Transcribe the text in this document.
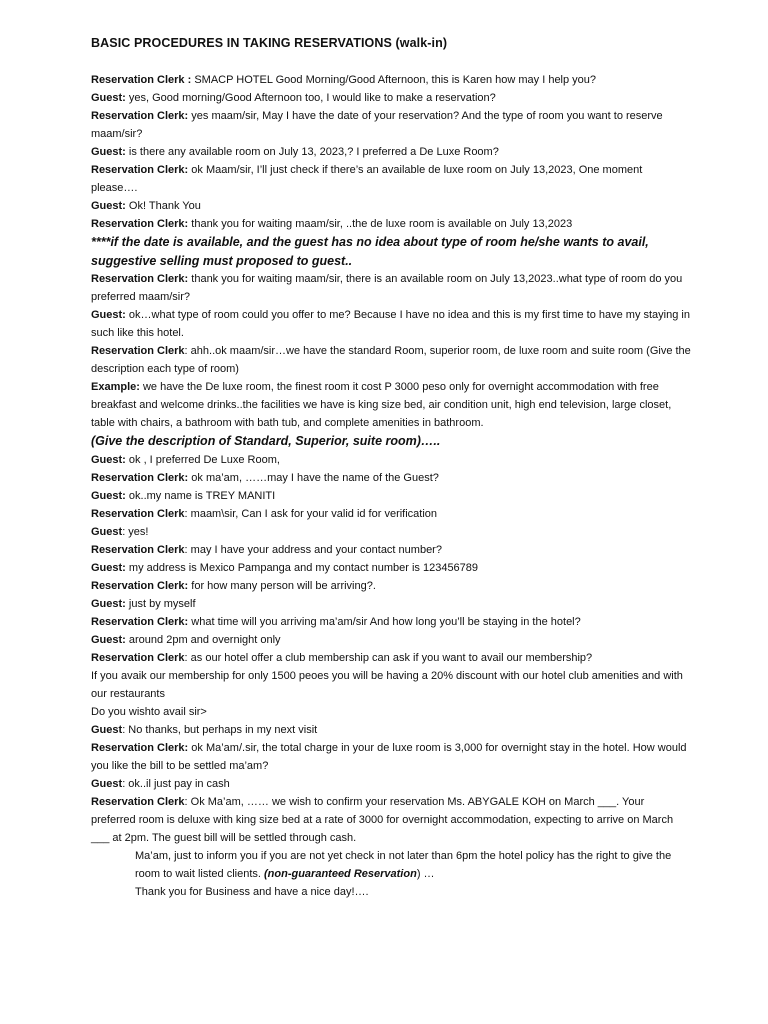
BASIC PROCEDURES IN TAKING RESERVATIONS (walk-in)

Reservation Clerk : SMACP HOTEL Good Morning/Good Afternoon, this is Karen how may I help you?

Guest: yes, Good morning/Good Afternoon too, I would like to make a reservation?

Reservation Clerk: yes maam/sir, May I have the date of your reservation? And the type of room you want to reserve maam/sir?

Guest: is there any available room on July 13, 2023,? I preferred a De Luxe Room?

Reservation Clerk: ok Maam/sir, I’ll just check if there’s an available de luxe room on July 13,2023, One moment please….

Guest: Ok! Thank You

Reservation Clerk: thank you for waiting maam/sir, ..the de luxe room is available on July 13,2023

****if the date is available, and the guest has no idea about type of room he/she wants to avail, suggestive selling must proposed to guest..

Reservation Clerk: thank you for waiting maam/sir, there is an available room on July 13,2023..what type of room do you preferred maam/sir?

Guest: ok…what type of room could you offer to me? Because I have no idea and this is my first time to have my staying in such like this hotel.

Reservation Clerk: ahh..ok maam/sir…we have the standard Room, superior room, de luxe room and suite room (Give the description each type of room)

Example: we have the De luxe room, the finest room it cost P 3000 peso only for overnight accommodation with free breakfast and welcome drinks..the facilities we have is king size bed, air condition unit, high end television, large closet, table with chairs, a bathroom with bath tub, and complete amenities in bathroom.

(Give the description of Standard, Superior, suite room)…..

Guest: ok , I preferred De Luxe Room,

Reservation Clerk: ok ma’am, ……may I have the name of the Guest?

Guest: ok..my name is TREY MANITI

Reservation Clerk: maam\sir, Can I ask for your valid id for verification

Guest: yes!

Reservation Clerk: may I have your address and your contact number?

Guest: my address is Mexico Pampanga and my contact number is 123456789

Reservation Clerk: for how many person will be arriving?.

Guest: just by myself

Reservation Clerk: what time will you arriving ma’am/sir And how long you’ll be staying in the hotel?

Guest: around 2pm and overnight only

Reservation Clerk: as our hotel offer a club membership can ask if you want to avail our membership?

If you avaik our membership for only 1500 peoes you will be having a 20% discount with our hotel club amenities and with our restaurants

Do you wishto avail sir>

Guest: No thanks, but perhaps in my next visit

Reservation Clerk: ok Ma’am/.sir, the total charge in your de luxe room is 3,000 for overnight stay in the hotel. How would you like the bill to be settled ma’am?

Guest: ok..il just pay in cash

Reservation Clerk: Ok Ma’am, …… we wish to confirm your reservation Ms. ABYGALE KOH on March ___. Your preferred room is deluxe with king size bed at a rate of 3000 for overnight accommodation, expecting to arrive on March ___ at 2pm. The guest bill will be settled through cash.

Ma’am, just to inform you if you are not yet check in not later than 6pm the hotel policy has the right to give the room to wait listed clients. (non-guaranteed Reservation) …

Thank you for Business and have a nice day!….
